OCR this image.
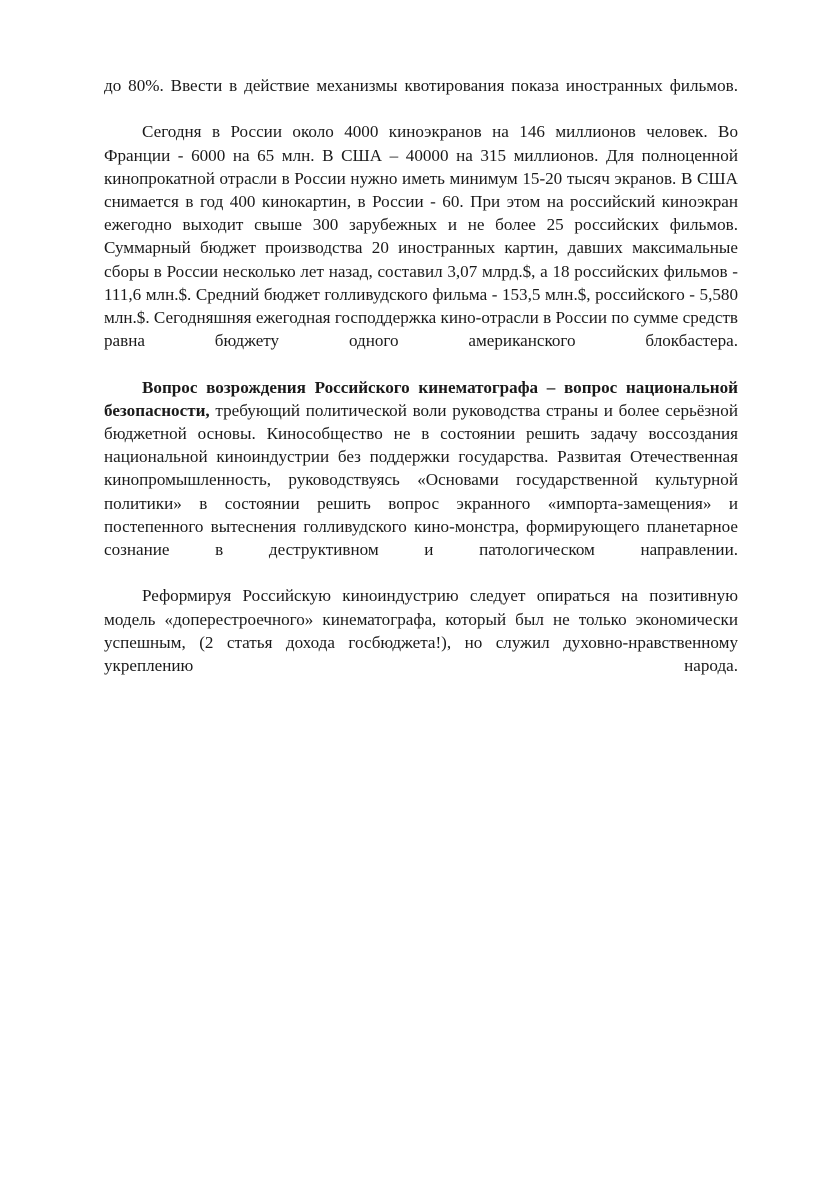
до 80%. Ввести в действие механизмы квотирования показа иностранных фильмов.

Сегодня в России около 4000 киноэкранов на 146 миллионов человек. Во Франции - 6000 на 65 млн. В США – 40000 на 315 миллионов. Для полноценной кинопрокатной отрасли в России нужно иметь минимум 15-20 тысяч экранов. В США снимается в год 400 кинокартин, в России - 60. При этом на российский киноэкран ежегодно выходит свыше 300 зарубежных и не более 25 российских фильмов. Суммарный бюджет производства 20 иностранных картин, давших максимальные сборы в России несколько лет назад, составил 3,07 млрд.$, а 18 российских фильмов - 111,6 млн.$. Средний бюджет голливудского фильма - 153,5 млн.$, российского - 5,580 млн.$. Сегодняшняя ежегодная господдержка кино-отрасли в России по сумме средств равна бюджету одного американского блокбастера.

Вопрос возрождения Российского кинематографа – вопрос национальной безопасности, требующий политической воли руководства страны и более серьёзной бюджетной основы. Кинособщество не в состоянии решить задачу воссоздания национальной киноиндустрии без поддержки государства. Развитая Отечественная кинопромышленность, руководствуясь «Основами государственной культурной политики» в состоянии решить вопрос экранного «импорта-замещения» и постепенного вытеснения голливудского кино-монстра, формирующего планетарное сознание в деструктивном и патологическом направлении.

Реформируя Российскую киноиндустрию следует опираться на позитивную модель «доперестроечного» кинематографа, который был не только экономически успешным, (2 статья дохода госбюджета!), но служил духовно-нравственному укреплению народа.
